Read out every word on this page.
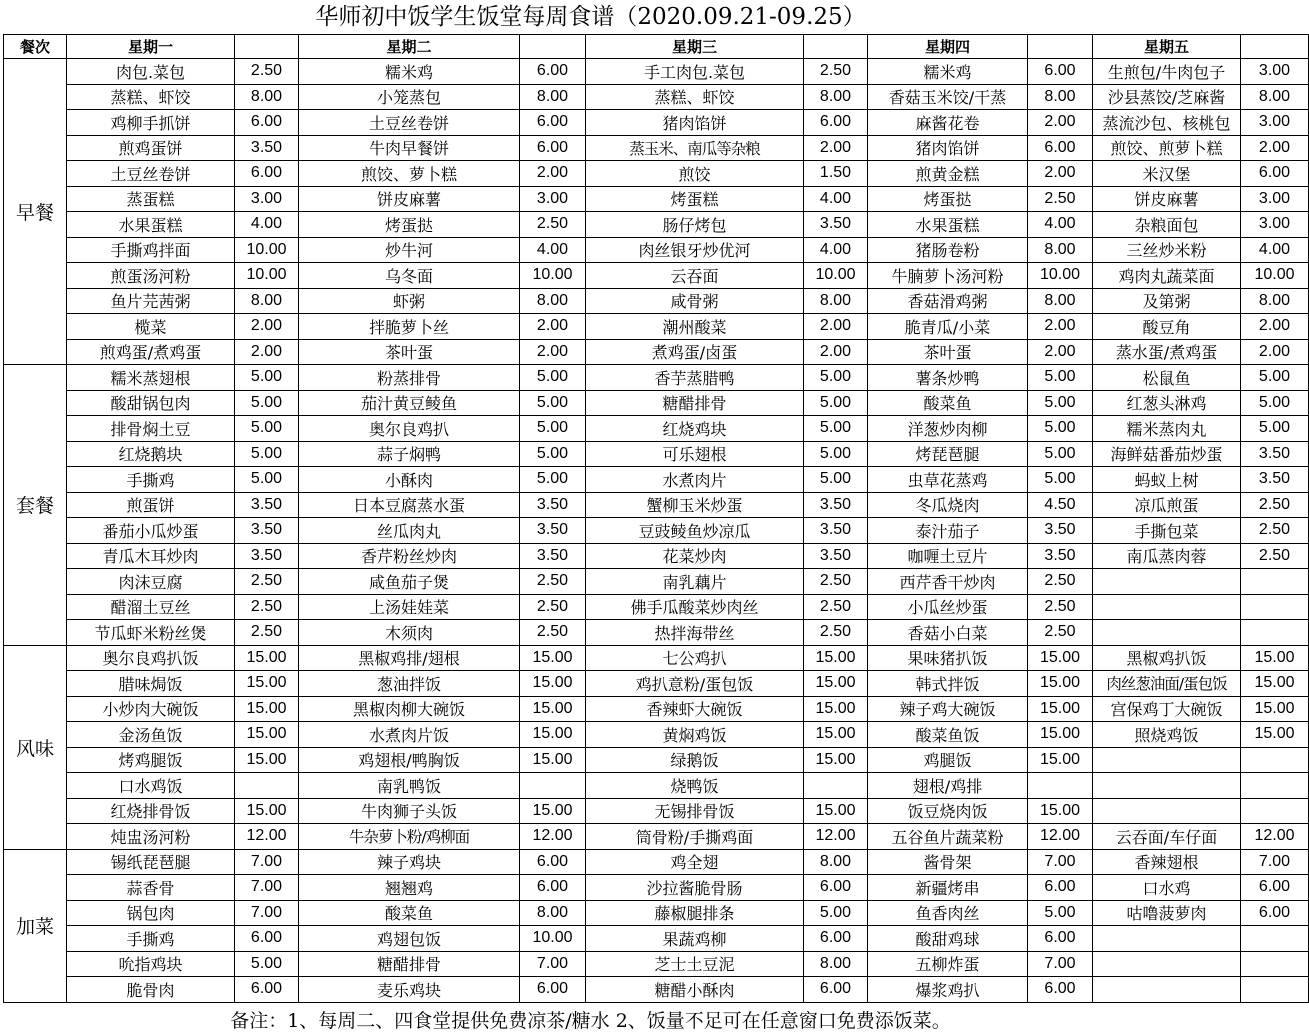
华师初中饭学生饭堂每周食谱（2020.09.21-09.25）
餐次	星期一		星期二		星期三		星期四		星期五	
早餐	肉包.菜包	2.50	糯米鸡	6.00	手工肉包.菜包	2.50	糯米鸡	6.00	生煎包/牛肉包子	3.00
	蒸糕、虾饺	8.00	小笼蒸包	8.00	蒸糕、虾饺	8.00	香菇玉米饺/干蒸	8.00	沙县蒸饺/芝麻酱	8.00
	鸡柳手抓饼	6.00	土豆丝卷饼	6.00	猪肉馅饼	6.00	麻酱花卷	2.00	蒸流沙包、核桃包	3.00
	煎鸡蛋饼	3.50	牛肉早餐饼	6.00	蒸玉米、南瓜等杂粮	2.00	猪肉馅饼	6.00	煎饺、煎萝卜糕	2.00
	土豆丝卷饼	6.00	煎饺、萝卜糕	2.00	煎饺	1.50	煎黄金糕	2.00	米汉堡	6.00
	蒸蛋糕	3.00	饼皮麻薯	3.00	烤蛋糕	4.00	烤蛋挞	2.50	饼皮麻薯	3.00
	水果蛋糕	4.00	烤蛋挞	2.50	肠仔烤包	3.50	水果蛋糕	4.00	杂粮面包	3.00
	手撕鸡拌面	10.00	炒牛河	4.00	肉丝银牙炒优河	4.00	猪肠卷粉	8.00	三丝炒米粉	4.00
	煎蛋汤河粉	10.00	乌冬面	10.00	云吞面	10.00	牛腩萝卜汤河粉	10.00	鸡肉丸蔬菜面	10.00
	鱼片芫茜粥	8.00	虾粥	8.00	咸骨粥	8.00	香菇滑鸡粥	8.00	及第粥	8.00
	榄菜	2.00	拌脆萝卜丝	2.00	潮州酸菜	2.00	脆青瓜/小菜	2.00	酸豆角	2.00
	煎鸡蛋/煮鸡蛋	2.00	茶叶蛋	2.00	煮鸡蛋/卤蛋	2.00	茶叶蛋	2.00	蒸水蛋/煮鸡蛋	2.00
套餐	糯米蒸翅根	5.00	粉蒸排骨	5.00	香芋蒸腊鸭	5.00	薯条炒鸭	5.00	松鼠鱼	5.00
	酸甜锅包肉	5.00	茄汁黄豆鲮鱼	5.00	糖醋排骨	5.00	酸菜鱼	5.00	红葱头淋鸡	5.00
	排骨焖土豆	5.00	奥尔良鸡扒	5.00	红烧鸡块	5.00	洋葱炒肉柳	5.00	糯米蒸肉丸	5.00
	红烧鹅块	5.00	蒜子焖鸭	5.00	可乐翅根	5.00	烤琵琶腿	5.00	海鲜菇番茄炒蛋	3.50
	手撕鸡	5.00	小酥肉	5.00	水煮肉片	5.00	虫草花蒸鸡	5.00	蚂蚁上树	3.50
	煎蛋饼	3.50	日本豆腐蒸水蛋	3.50	蟹柳玉米炒蛋	3.50	冬瓜烧肉	4.50	凉瓜煎蛋	2.50
	番茄小瓜炒蛋	3.50	丝瓜肉丸	3.50	豆豉鲮鱼炒凉瓜	3.50	泰汁茄子	3.50	手撕包菜	2.50
	青瓜木耳炒肉	3.50	香芹粉丝炒肉	3.50	花菜炒肉	3.50	咖喱土豆片	3.50	南瓜蒸肉蓉	2.50
	肉沫豆腐	2.50	咸鱼茄子煲	2.50	南乳藕片	2.50	西芹香干炒肉	2.50		
	醋溜土豆丝	2.50	上汤娃娃菜	2.50	佛手瓜酸菜炒肉丝	2.50	小瓜丝炒蛋	2.50		
	节瓜虾米粉丝煲	2.50	木须肉	2.50	热拌海带丝	2.50	香菇小白菜	2.50		
风味	奥尔良鸡扒饭	15.00	黑椒鸡排/翅根	15.00	七公鸡扒	15.00	果味猪扒饭	15.00	黑椒鸡扒饭	15.00
	腊味焗饭	15.00	葱油拌饭	15.00	鸡扒意粉/蛋包饭	15.00	韩式拌饭	15.00	肉丝葱油面/蛋包饭	15.00
	小炒肉大碗饭	15.00	黑椒肉柳大碗饭	15.00	香辣虾大碗饭	15.00	辣子鸡大碗饭	15.00	宫保鸡丁大碗饭	15.00
	金汤鱼饭	15.00	水煮肉片饭	15.00	黄焖鸡饭	15.00	酸菜鱼饭	15.00	照烧鸡饭	15.00
	烤鸡腿饭	15.00	鸡翅根/鸭胸饭	15.00	绿鹅饭	15.00	鸡腿饭	15.00		
	口水鸡饭		南乳鸭饭		烧鸭饭		翅根/鸡排			
	红烧排骨饭	15.00	牛肉狮子头饭	15.00	无锡排骨饭	15.00	饭豆烧肉饭	15.00		
	炖盅汤河粉	12.00	牛杂萝卜粉/鸡柳面	12.00	筒骨粉/手撕鸡面	12.00	五谷鱼片蔬菜粉	12.00	云吞面/车仔面	12.00
加菜	锡纸琵琶腿	7.00	辣子鸡块	6.00	鸡全翅	8.00	酱骨架	7.00	香辣翅根	7.00
	蒜香骨	7.00	翘翘鸡	6.00	沙拉酱脆骨肠	6.00	新疆烤串	6.00	口水鸡	6.00
	锅包肉	7.00	酸菜鱼	8.00	藤椒腿排条	5.00	鱼香肉丝	5.00	咕噜菠萝肉	6.00
	手撕鸡	6.00	鸡翅包饭	10.00	果蔬鸡柳	6.00	酸甜鸡球	6.00		
	吮指鸡块	5.00	糖醋排骨	7.00	芝士土豆泥	8.00	五柳炸蛋	7.00		
	脆骨肉	6.00	麦乐鸡块	6.00	糖醋小酥肉	6.00	爆浆鸡扒	6.00		
备注：1、每周二、四食堂提供免费凉茶/糖水 2、饭量不足可在任意窗口免费添饭菜。
